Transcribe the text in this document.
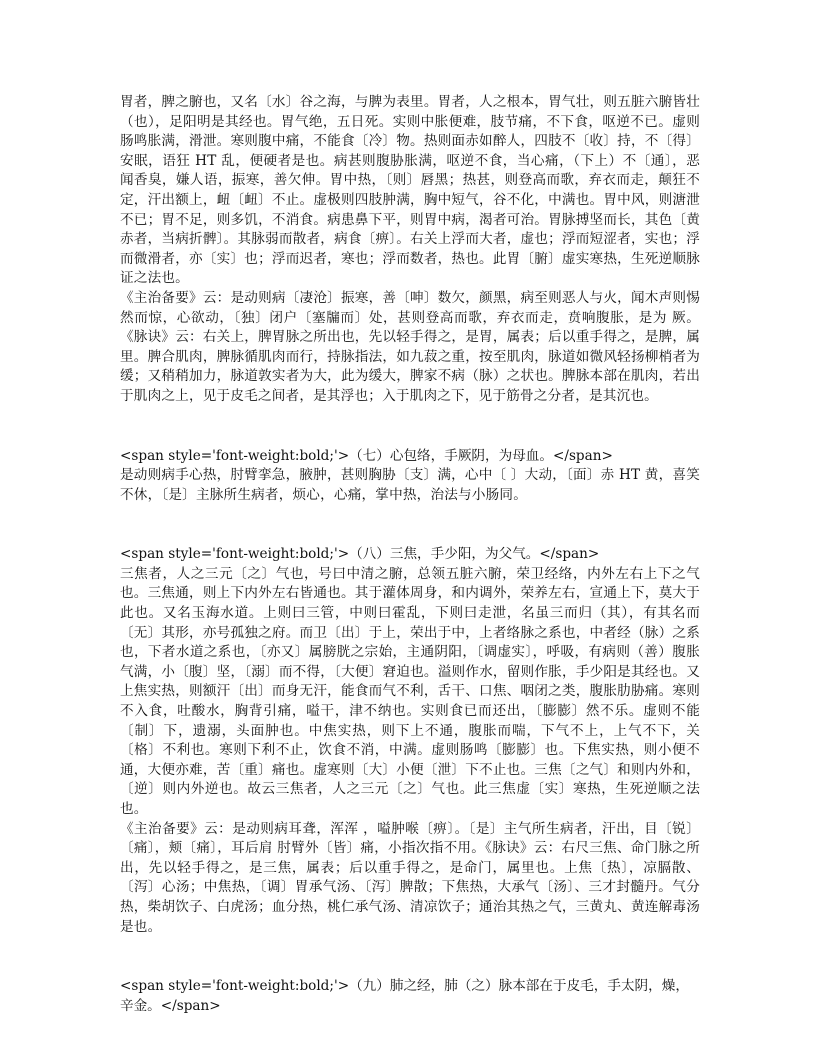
胃者，脾之腑也，又名〔水〕谷之海，与脾为表里。胃者，人之根本，胃气壮，则五脏六腑皆壮（也），足阳明是其经也。胃气绝，五日死。实则中胀便难，肢节痛，不下食，呕逆不已。虚则肠鸣胀满，滑泄。寒则腹中痛，不能食〔冷〕物。热则面赤如醉人，四肢不〔收〕持，不〔得〕安眠，语狂 HT 乱，便硬者是也。病甚则腹胁胀满，呕逆不食，当心痛，（下上）不〔通〕，恶闻香臭，嫌人语，振寒，善欠伸。胃中热，〔则〕唇黑；热甚，则登高而歌，弃衣而走，颠狂不定，汗出额上，衄〔衄〕不止。虚极则四肢肿满，胸中短气，谷不化，中满也。胃中风，则溏泄不已；胃不足，则多饥，不消食。病患鼻下平，则胃中病，渴者可治。胃脉搏坚而长，其色〔黄赤者，当病折髀〕。其脉弱而散者，病食〔痹〕。右关上浮而大者，虚也；浮而短涩者，实也；浮而微滑者，亦〔实〕也；浮而迟者，寒也；浮而数者，热也。此胃〔腑〕虚实寒热，生死逆顺脉证之法也。

《主治备要》云：是动则病〔凄沧〕振寒，善〔呻〕数欠，颜黑，病至则恶人与火，闻木声则惕然而惊，心欲动，〔独〕闭户〔塞牖而〕处，甚则登高而歌，弃衣而走，贲响腹胀，是为 厥。《脉诀》云：右关上，脾胃脉之所出也，先以轻手得之，是胃，属表；后以重手得之，是脾，属里。脾合肌肉，脾脉循肌肉而行，持脉指法，如九菽之重，按至肌肉，脉道如微风轻扬柳梢者为缓；又稍稍加力，脉道敦实者为大，此为缓大，脾家不病（脉）之状也。脾脉本部在肌肉，若出于肌肉之上，见于皮毛之间者，是其浮也；入于肌肉之下，见于筋骨之分者，是其沉也。

<span style='font-weight:bold;'>（七）心包络，手厥阴，为母血。</span>

是动则病手心热，肘臂挛急，腋肿，甚则胸胁〔支〕满，心中〔 〕大动，〔面〕赤 HT 黄，喜笑不休，〔是〕主脉所生病者，烦心，心痛，掌中热，治法与小肠同。

<span style='font-weight:bold;'>（八）三焦，手少阳，为父气。</span>

三焦者，人之三元〔之〕气也，号曰中清之腑，总领五脏六腑，荣卫经络，内外左右上下之气也。三焦通，则上下内外左右皆通也。其于灌体周身，和内调外，荣养左右，宣通上下，莫大于此也。又名玉海水道。上则曰三管，中则曰霍乱，下则曰走泄，名虽三而归（其），有其名而〔无〕其形，亦号孤独之府。而卫〔出〕于上，荣出于中，上者络脉之系也，中者经（脉）之系也，下者水道之系也，〔亦又〕属膀胱之宗始，主通阴阳，〔调虚实〕，呼吸，有病则（善）腹胀气满，小〔腹〕坚，〔溺〕而不得，〔大便〕窘迫也。溢则作水，留则作胀，手少阳是其经也。又上焦实热，则额汗〔出〕而身无汗，能食而气不利，舌干、口焦、咽闭之类，腹胀肋胁痛。寒则不入食，吐酸水，胸背引痛，嗌干，津不纳也。实则食已而还出，〔膨膨〕然不乐。虚则不能〔制〕下，遗溺，头面肿也。中焦实热，则下上不通，腹胀而喘，下气不上，上气不下，关〔格〕不利也。寒则下利不止，饮食不消，中满。虚则肠鸣〔膨膨〕也。下焦实热，则小便不通，大便亦难，苦〔重〕痛也。虚寒则〔大〕小便〔泄〕下不止也。三焦〔之气〕和则内外和，〔逆〕则内外逆也。故云三焦者，人之三元〔之〕气也。此三焦虚〔实〕寒热，生死逆顺之法也。

《主治备要》云：是动则病耳聋，浑浑 ，嗌肿喉〔痹〕。〔是〕主气所生病者，汗出，目〔锐〕〔痛〕，颊〔痛〕，耳后肩 肘臂外〔皆〕痛，小指次指不用。《脉诀》云：右尺三焦、命门脉之所出，先以轻手得之，是三焦，属表；后以重手得之，是命门，属里也。上焦〔热〕，凉膈散、〔泻〕心汤；中焦热，〔调〕胃承气汤、〔泻〕脾散；下焦热，大承气〔汤〕、三才封髓丹。气分热，柴胡饮子、白虎汤；血分热，桃仁承气汤、清凉饮子；通治其热之气，三黄丸、黄连解毒汤是也。

<span style='font-weight:bold;'>（九）肺之经，肺（之）脉本部在于皮毛，手太阴，燥，辛金。</span>
